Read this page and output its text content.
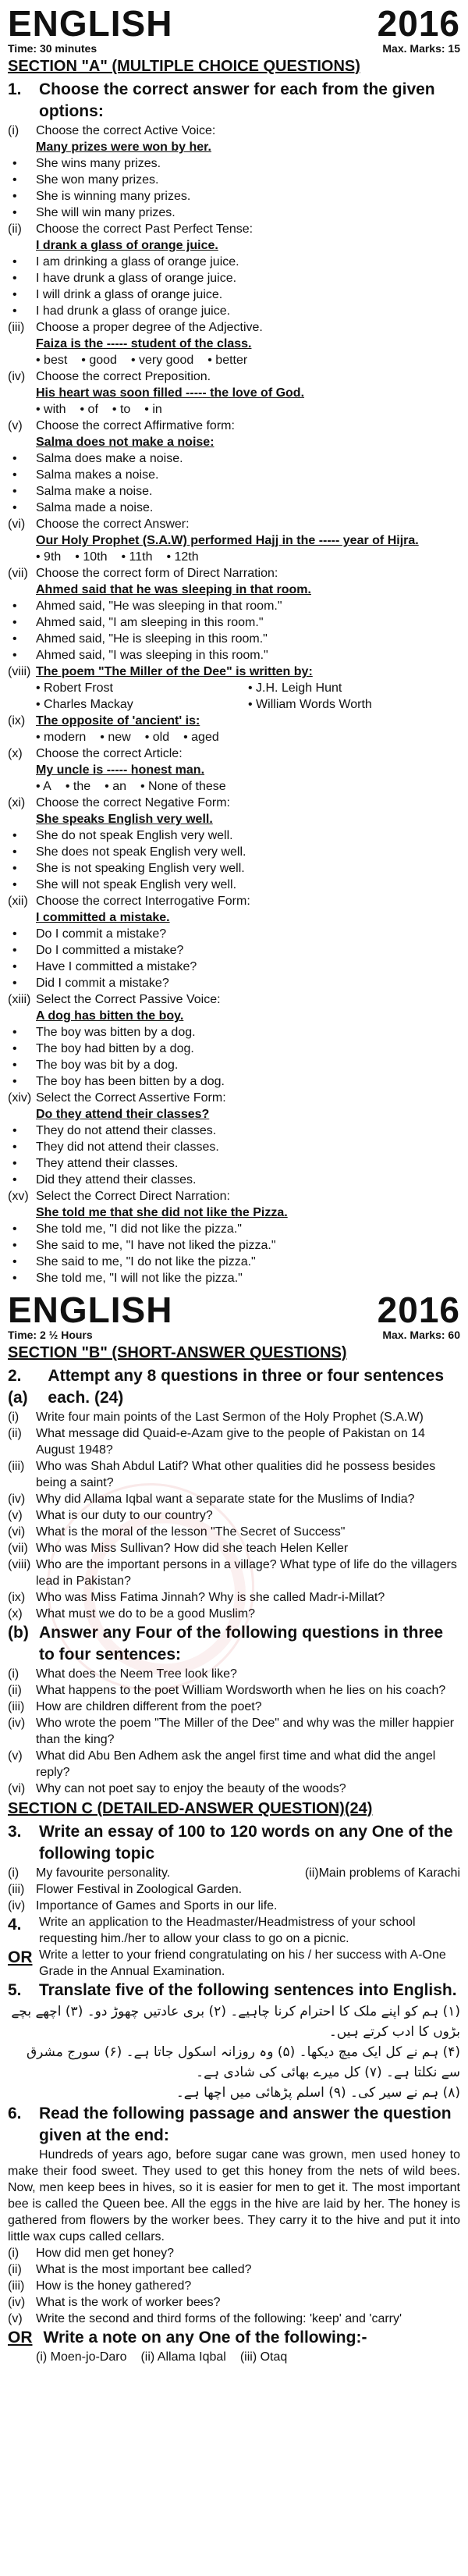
ENGLISH	2016
Time: 30 minutes	Max. Marks: 15
SECTION "A" (MULTIPLE CHOICE QUESTIONS)
1.	Choose the correct answer for each from the given options:
(i)	Choose the correct Active Voice:
Many prizes were won by her.
•	She wins many prizes.
•	She won many prizes.
•	She is winning many prizes.
•	She will win many prizes.
(ii)	Choose the correct Past Perfect Tense:
I drank a glass of orange juice.
•	I am drinking a glass of orange juice.
•	I have drunk a glass of orange juice.
•	I will drink a glass of orange juice.
•	I had drunk a glass of orange juice.
(iii) Choose a proper degree of the Adjective.
Faiza is the ----- student of the class.
• best • good • very good • better
(iv) Choose the correct Preposition.
His heart was soon filled ----- the love of God.
• with • of • to • in
(v)	Choose the correct Affirmative form:
Salma does not make a noise:
•	Salma does make a noise.
•	Salma makes a noise.
•	Salma make a noise.
•	Salma made a noise.
(vi) Choose the correct Answer:
Our Holy Prophet (S.A.W) performed Hajj in the ----- year of Hijra.
• 9th • 10th • 11th • 12th
(vii) Choose the correct form of Direct Narration:
Ahmed said that he was sleeping in that room.
•	Ahmed said, "He was sleeping in that room."
•	Ahmed said, "I am sleeping in this room."
•	Ahmed said, "He is sleeping in this room."
•	Ahmed said, "I was sleeping in this room."
(viii) The poem "The Miller of the Dee" is written by:
• Robert Frost	• J.H. Leigh Hunt
• Charles Mackay	• William Words Worth
(ix) The opposite of 'ancient' is:
• modern • new • old • aged
(x)	Choose the correct Article:
My uncle is ----- honest man.
• A • the • an • None of these
(xi) Choose the correct Negative Form:
She speaks English very well.
•	She do not speak English very well.
•	She does not speak English very well.
•	She is not speaking English very well.
•	She will not speak English very well.
(xii) Choose the correct Interrogative Form:
I committed a mistake.
•	Do I commit a mistake?
•	Do I committed a mistake?
•	Have I committed a mistake?
•	Did I commit a mistake?
(xiii) Select the Correct Passive Voice:
A dog has bitten the boy.
•	The boy was bitten by a dog.
•	The boy had bitten by a dog.
•	The boy was bit by a dog.
•	The boy has been bitten by a dog.
(xiv) Select the Correct Assertive Form:
Do they attend their classes?
•	They do not attend their classes.
•	They did not attend their classes.
•	They attend their classes.
•	Did they attend their classes.
(xv) Select the Correct Direct Narration:
She told me that she did not like the Pizza.
•	She told me, "I did not like the pizza."
•	She said to me, "I have not liked the pizza."
•	She said to me, "I do not like the pizza."
•	She told me, "I will not like the pizza."
ENGLISH	2016
Time: 2 ½ Hours	Max. Marks: 60
SECTION "B" (SHORT-ANSWER QUESTIONS)
2.(a)
Attempt any 8 questions in three or four sentences each. (24)
(i)	Write four main points of the Last Sermon of the Holy Prophet (S.A.W)
(ii)	What message did Quaid-e-Azam give to the people of Pakistan on 14 August 1948?
(iii) Who was Shah Abdul Latif? What other qualities did he possess besides being a saint?
(iv) Why did Allama Iqbal want a separate state for the Muslims of India?
(v)	What is our duty to our country?
(vi) What is the moral of the lesson "The Secret of Success"
(vii) Who was Miss Sullivan? How did she teach Helen Keller
(viii) Who are the important persons in a village? What type of life do the villagers lead in Pakistan?
(ix) Who was Miss Fatima Jinnah? Why is she called Madr-i-Millat?
(x)	What must we do to be a good Muslim?
(b) Answer any Four of the following questions in three to four sentences:
(i)	What does the Neem Tree look like?
(ii)	What happens to the poet William Wordsworth when he lies on his coach?
(iii) How are children different from the poet?
(iv) Who wrote the poem "The Miller of the Dee" and why was the miller happier than the king?
(v)	What did Abu Ben Adhem ask the angel first time and what did the angel reply?
(vi) Why can not poet say to enjoy the beauty of the woods?
SECTION C (DETAILED-ANSWER QUESTION)(24)
3.	Write an essay of 100 to 120 words on any One of the following topic
(i)	My favourite personality.	(ii) Main problems of Karachi
(iii) Flower Festival in Zoological Garden.
(iv) Importance of Games and Sports in our life.
4.	Write an application to the Headmaster/Headmistress of your school requesting him./her to allow your class to go on a picnic.
OR Write a letter to your friend congratulating on his / her success with A-One Grade in the Annual Examination.
5.	Translate five of the following sentences into English.
(۱) ہم کو اپنے ملک کا احترام کرنا چاہیے۔ (۲) بری عادتیں چھوڑ دو۔ (۳) اچھے بچے بڑوں کا ادب کرتے ہیں۔
(۴) ہم نے کل ایک میچ دیکھا۔ (۵) وہ روزانہ اسکول جاتا ہے۔ (۶) سورج مشرق سے نکلتا ہے۔ (۷) کل میرے بھائی کی شادی ہے۔
(۸) ہم نے سیر کی۔ (۹) اسلم پڑھائی میں اچھا ہے۔
6.	Read the following passage and answer the question given at the end:
Hundreds of years ago, before sugar cane was grown, men used honey to make their food sweet. They used to get this honey from the nets of wild bees. Now, men keep bees in hives, so it is easier for men to get it. The most important bee is called the Queen bee. All the eggs in the hive are laid by her. The honey is gathered from flowers by the worker bees. They carry it to the hive and put it into little wax cups called cellars.
(i)	How did men get honey?
(ii)	What is the most important bee called?
(iii) How is the honey gathered?
(iv) What is the work of worker bees?
(v)	Write the second and third forms of the following: 'keep' and 'carry'
OR Write a note on any One of the following:-
(i) Moen-jo-Daro (ii) Allama Iqbal (iii) Otaq
